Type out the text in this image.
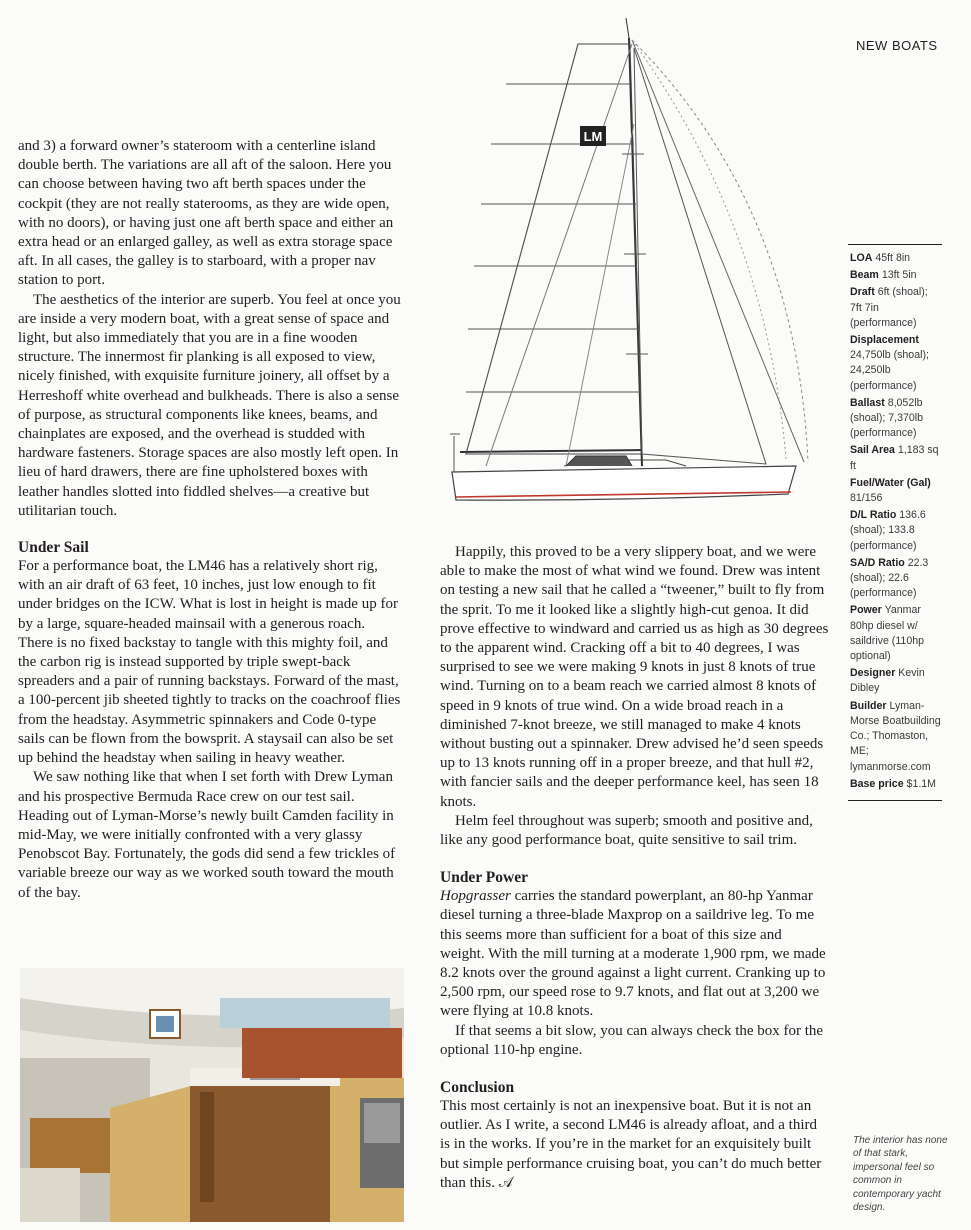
NEW BOATS
LM

and 3) a forward owner’s stateroom with a centerline island double berth. The variations are all aft of the saloon. Here you can choose between having two aft berth spaces under the cockpit (they are not really staterooms, as they are wide open, with no doors), or having just one aft berth space and either an extra head or an enlarged galley, as well as extra storage space aft. In all cases, the galley is to starboard, with a proper nav station to port.

The aesthetics of the interior are superb. You feel at once you are inside a very modern boat, with a great sense of space and light, but also immediately that you are in a fine wooden structure. The innermost fir planking is all exposed to view, nicely finished, with exquisite furniture joinery, all offset by a Herreshoff white overhead and bulkheads. There is also a sense of purpose, as structural components like knees, beams, and chainplates are exposed, and the overhead is studded with hardware fasteners. Storage spaces are also mostly left open. In lieu of hard drawers, there are fine upholstered boxes with leather handles slotted into fiddled shelves—a creative but utilitarian touch.

Under Sail

For a performance boat, the LM46 has a relatively short rig, with an air draft of 63 feet, 10 inches, just low enough to fit under bridges on the ICW. What is lost in height is made up for by a large, square-headed mainsail with a generous roach. There is no fixed backstay to tangle with this mighty foil, and the carbon rig is instead supported by triple swept-back spreaders and a pair of running backstays. Forward of the mast, a 100-percent jib sheeted tightly to tracks on the coachroof flies from the headstay. Asymmetric spinnakers and Code 0-type sails can be flown from the bowsprit. A staysail can also be set up behind the headstay when sailing in heavy weather.

We saw nothing like that when I set forth with Drew Lyman and his prospective Bermuda Race crew on our test sail. Heading out of Lyman-Morse’s newly built Camden facility in mid-May, we were initially confronted with a very glassy Penobscot Bay. Fortunately, the gods did send a few trickles of variable breeze our way as we worked south toward the mouth of the bay.

Happily, this proved to be a very slippery boat, and we were able to make the most of what wind we found. Drew was intent on testing a new sail that he called a “tweener,” built to fly from the sprit. To me it looked like a slightly high-cut genoa. It did prove effective to windward and carried us as high as 30 degrees to the apparent wind. Cracking off a bit to 40 degrees, I was surprised to see we were making 9 knots in just 8 knots of true wind. Turning on to a beam reach we carried almost 8 knots of speed in 9 knots of true wind. On a wide broad reach in a diminished 7-knot breeze, we still managed to make 4 knots without busting out a spinnaker. Drew advised he’d seen speeds up to 13 knots running off in a proper breeze, and that hull #2, with fancier sails and the deeper performance keel, has seen 18 knots.

Helm feel throughout was superb; smooth and positive and, like any good performance boat, quite sensitive to sail trim.

Under Power

Hopgrasser carries the standard powerplant, an 80-hp Yanmar diesel turning a three-blade Maxprop on a saildrive leg. To me this seems more than sufficient for a boat of this size and weight. With the mill turning at a moderate 1,900 rpm, we made 8.2 knots over the ground against a light current. Cranking up to 2,500 rpm, our speed rose to 9.7 knots, and flat out at 3,200 we were flying at 10.8 knots.

If that seems a bit slow, you can always check the box for the optional 110-hp engine.

Conclusion

This most certainly is not an inexpensive boat. But it is not an outlier. As I write, a second LM46 is already afloat, and a third is in the works. If you’re in the market for an exquisitely built but simple performance cruising boat, you can’t do much better than this. 𝒜

LOA 45ft 8in
Beam 13ft 5in
Draft 6ft (shoal); 7ft 7in (performance)
Displacement 24,750lb (shoal); 24,250lb (performance)
Ballast 8,052lb (shoal); 7,370lb (performance)
Sail Area 1,183 sq ft
Fuel/Water (Gal) 81/156
D/L Ratio 136.6 (shoal); 133.8 (performance)
SA/D Ratio 22.3 (shoal); 22.6 (performance)
Power Yanmar 80hp diesel w/ saildrive (110hp optional)
Designer Kevin Dibley
Builder Lyman-Morse Boatbuilding Co.; Thomaston, ME; lymanmorse.com
Base price $1.1M
The interior has none of that stark, impersonal feel so common in contemporary yacht design.
